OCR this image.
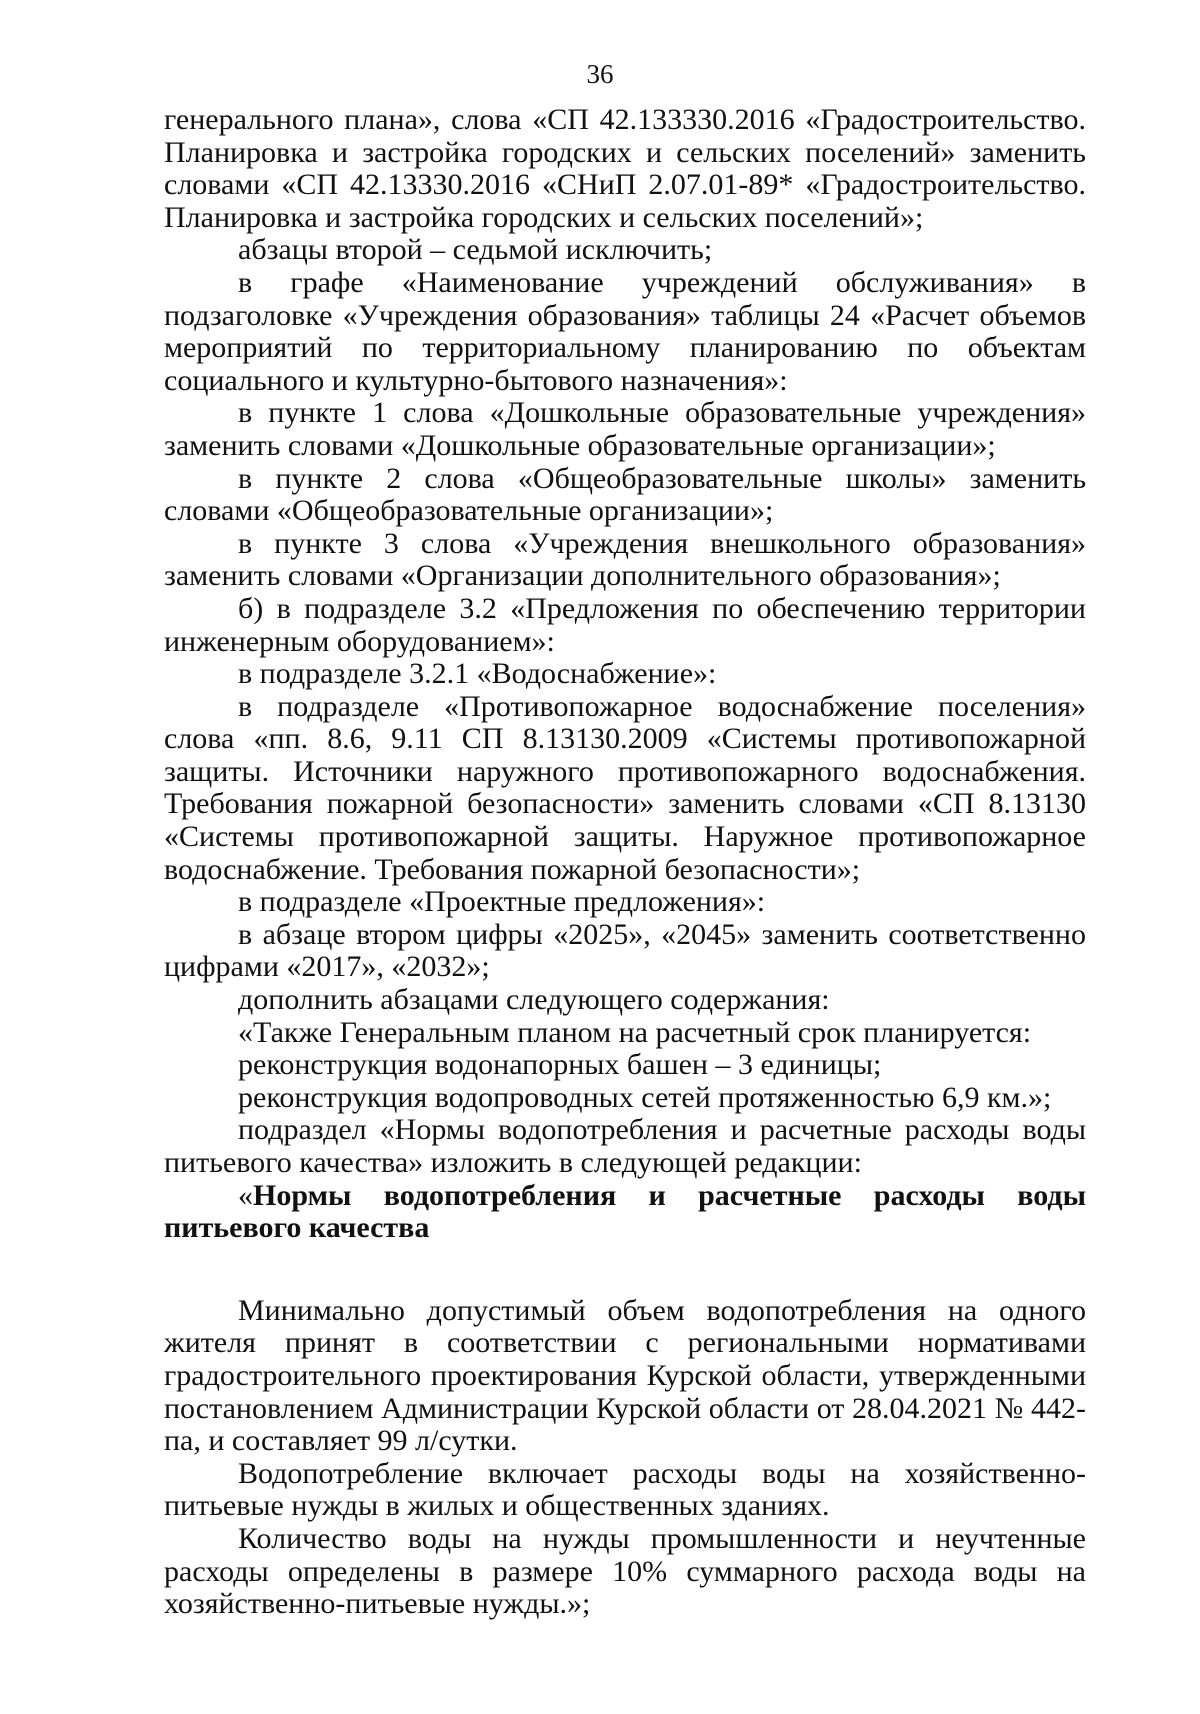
36

генерального плана», слова «СП 42.133330.2016 «Градостроительство. Планировка и застройка городских и сельских поселений» заменить словами «СП 42.13330.2016 «СНиП 2.07.01-89* «Градостроительство. Планировка и застройка городских и сельских поселений»;

абзацы второй – седьмой исключить;

в графе «Наименование учреждений обслуживания» в подзаголовке «Учреждения образования» таблицы 24 «Расчет объемов мероприятий по территориальному планированию по объектам социального и культурно-бытового назначения»:

в пункте 1 слова «Дошкольные образовательные учреждения» заменить словами «Дошкольные образовательные организации»;

в пункте 2 слова «Общеобразовательные школы» заменить словами «Общеобразовательные организации»;

в пункте 3 слова «Учреждения внешкольного образования» заменить словами «Организации дополнительного образования»;

б) в подразделе 3.2 «Предложения по обеспечению территории инженерным оборудованием»:

в подразделе 3.2.1 «Водоснабжение»:

в подразделе «Противопожарное водоснабжение поселения» слова «пп. 8.6, 9.11 СП 8.13130.2009 «Системы противопожарной защиты. Источники наружного противопожарного водоснабжения. Требования пожарной безопасности» заменить словами «СП 8.13130 «Системы противопожарной защиты. Наружное противопожарное водоснабжение. Требования пожарной безопасности»;

в подразделе «Проектные предложения»:

в абзаце втором цифры «2025», «2045» заменить соответственно цифрами «2017», «2032»;

дополнить абзацами следующего содержания:

«Также Генеральным планом на расчетный срок планируется:

реконструкция водонапорных башен – 3 единицы;

реконструкция водопроводных сетей протяженностью 6,9 км.»;

подраздел «Нормы водопотребления и расчетные расходы воды питьевого качества» изложить в следующей редакции:

«Нормы водопотребления и расчетные расходы воды питьевого качества

Минимально допустимый объем водопотребления на одного жителя принят в соответствии с региональными нормативами градостроительного проектирования Курской области, утвержденными постановлением Администрации Курской области от 28.04.2021 № 442-па, и составляет 99 л/сутки.

Водопотребление включает расходы воды на хозяйственно-питьевые нужды в жилых и общественных зданиях.

Количество воды на нужды промышленности и неучтенные расходы определены в размере 10% суммарного расхода воды на хозяйственно-питьевые нужды.»;
